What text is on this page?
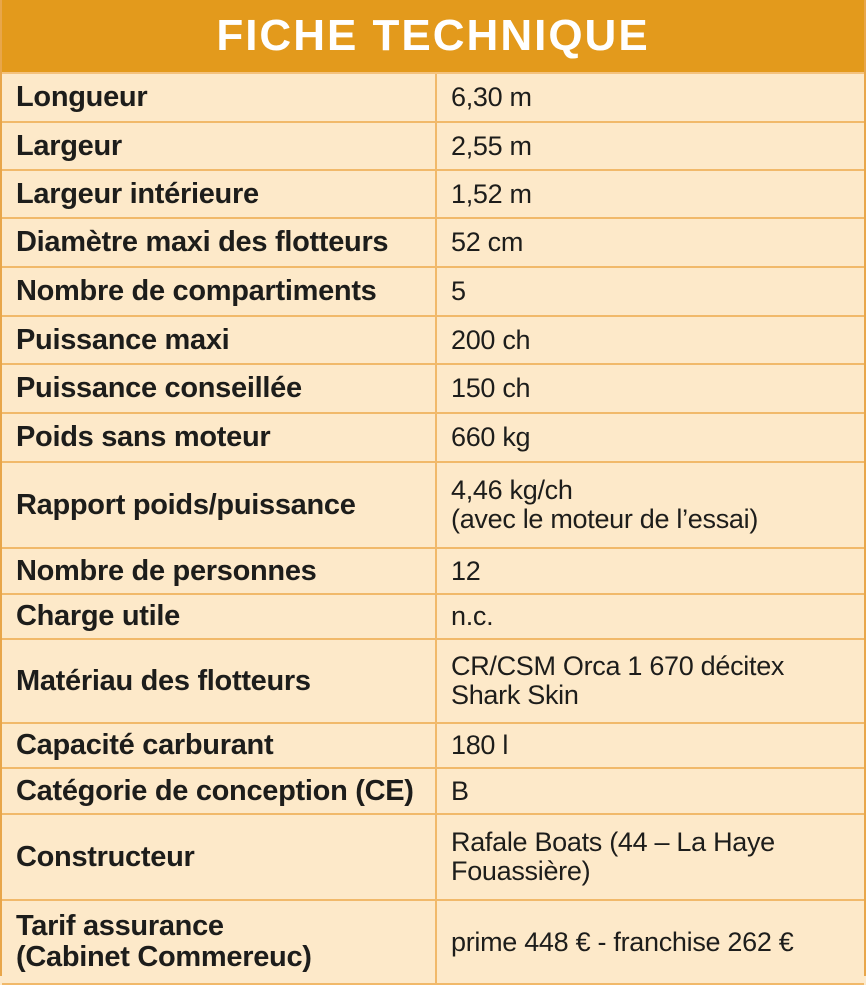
FICHE TECHNIQUE
Longueur	6,30 m

Largeur	2,55 m

Largeur intérieure	1,52 m

Diamètre maxi des flotteurs	52 cm

Nombre de compartiments	5

Puissance maxi	200 ch

Puissance conseillée	150 ch

Poids sans moteur	660 kg

Rapport poids/puissance	4,46 kg/ch
(avec le moteur de l’essai)

Nombre de personnes	12

Charge utile	n.c.

Matériau des flotteurs	CR/CSM Orca 1 670 décitex
Shark Skin

Capacité carburant	180 l

Catégorie de conception (CE)	B

Constructeur	Rafale Boats (44 – La Haye
Fouassière)

Tarif assurance
(Cabinet Commereuc)	prime 448 € - franchise 262 €
